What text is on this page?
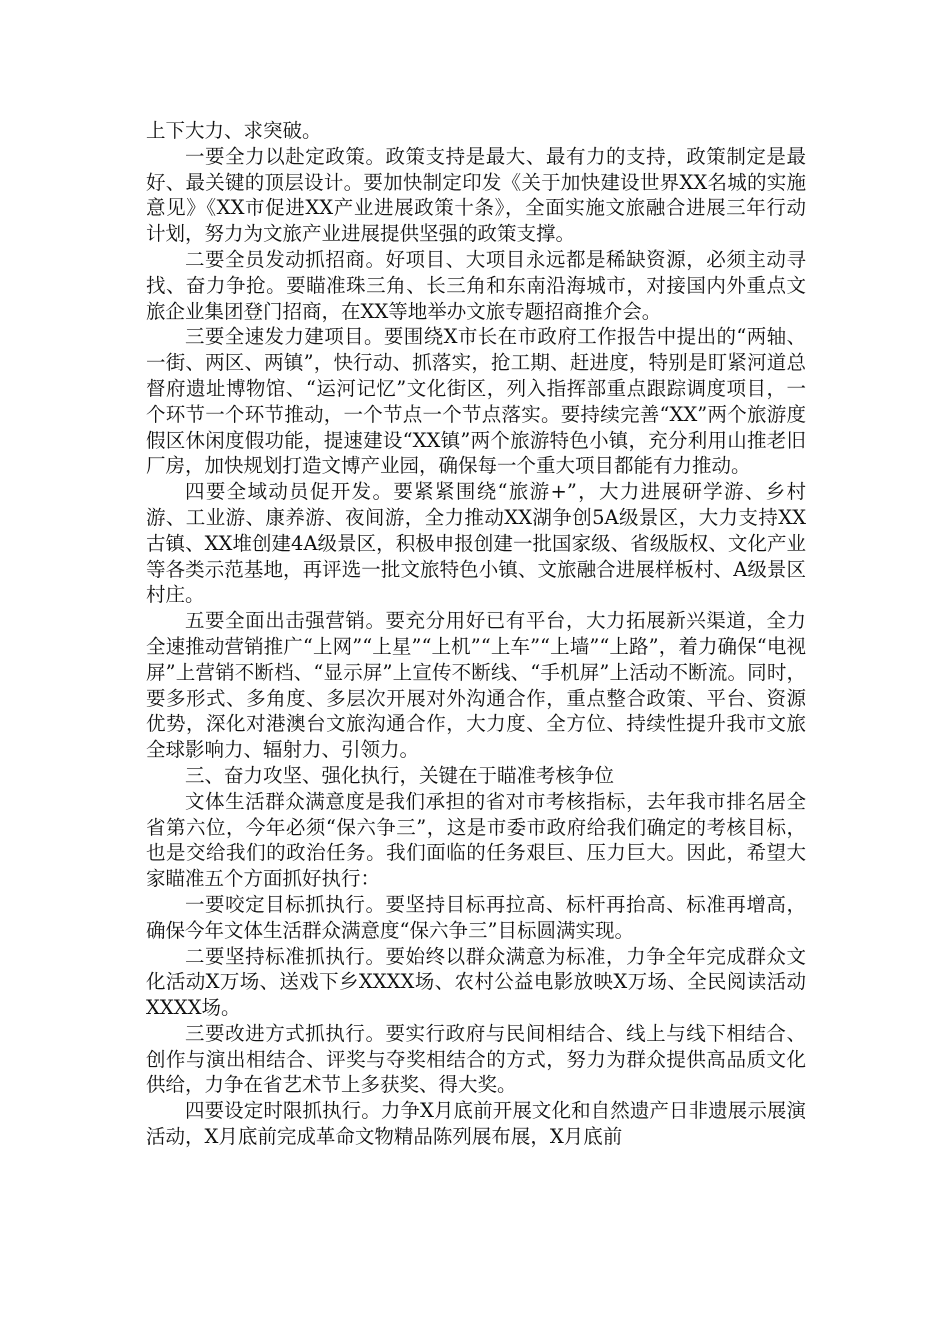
上下大力、求突破。

一要全力以赴定政策。政策支持是最大、最有力的支持，政策制定是最好、最关键的顶层设计。要加快制定印发《关于加快建设世界XX名城的实施意见》《XX市促进XX产业进展政策十条》，全面实施文旅融合进展三年行动计划，努力为文旅产业进展提供坚强的政策支撑。

二要全员发动抓招商。好项目、大项目永远都是稀缺资源，必须主动寻找、奋力争抢。要瞄准珠三角、长三角和东南沿海城市，对接国内外重点文旅企业集团登门招商，在XX等地举办文旅专题招商推介会。

三要全速发力建项目。要围绕X市长在市政府工作报告中提出的“两轴、一街、两区、两镇”，快行动、抓落实，抢工期、赶进度，特别是盯紧河道总督府遗址博物馆、“运河记忆”文化街区，列入指挥部重点跟踪调度项目，一个环节一个环节推动，一个节点一个节点落实。要持续完善“XX”两个旅游度假区休闲度假功能，提速建设“XX镇”两个旅游特色小镇，充分利用山推老旧厂房，加快规划打造文博产业园，确保每一个重大项目都能有力推动。

四要全域动员促开发。要紧紧围绕“旅游+”，大力进展研学游、乡村游、工业游、康养游、夜间游，全力推动XX湖争创5A级景区，大力支持XX古镇、XX堆创建4A级景区，积极申报创建一批国家级、省级版权、文化产业等各类示范基地，再评选一批文旅特色小镇、文旅融合进展样板村、A级景区村庄。

五要全面出击强营销。要充分用好已有平台，大力拓展新兴渠道，全力全速推动营销推广“上网”“上星”“上机”“上车”“上墙”“上路”，着力确保“电视屏”上营销不断档、“显示屏”上宣传不断线、“手机屏”上活动不断流。同时，要多形式、多角度、多层次开展对外沟通合作，重点整合政策、平台、资源优势，深化对港澳台文旅沟通合作，大力度、全方位、持续性提升我市文旅全球影响力、辐射力、引领力。

三、奋力攻坚、强化执行，关键在于瞄准考核争位

文体生活群众满意度是我们承担的省对市考核指标，去年我市排名居全省第六位，今年必须“保六争三”，这是市委市政府给我们确定的考核目标，也是交给我们的政治任务。我们面临的任务艰巨、压力巨大。因此，希望大家瞄准五个方面抓好执行：

一要咬定目标抓执行。要坚持目标再拉高、标杆再抬高、标准再增高，确保今年文体生活群众满意度“保六争三”目标圆满实现。

二要坚持标准抓执行。要始终以群众满意为标准，力争全年完成群众文化活动X万场、送戏下乡XXXX场、农村公益电影放映X万场、全民阅读活动XXXX场。

三要改进方式抓执行。要实行政府与民间相结合、线上与线下相结合、创作与演出相结合、评奖与夺奖相结合的方式，努力为群众提供高品质文化供给，力争在省艺术节上多获奖、得大奖。

四要设定时限抓执行。力争X月底前开展文化和自然遗产日非遗展示展演活动，X月底前完成革命文物精品陈列展布展，X月底前
